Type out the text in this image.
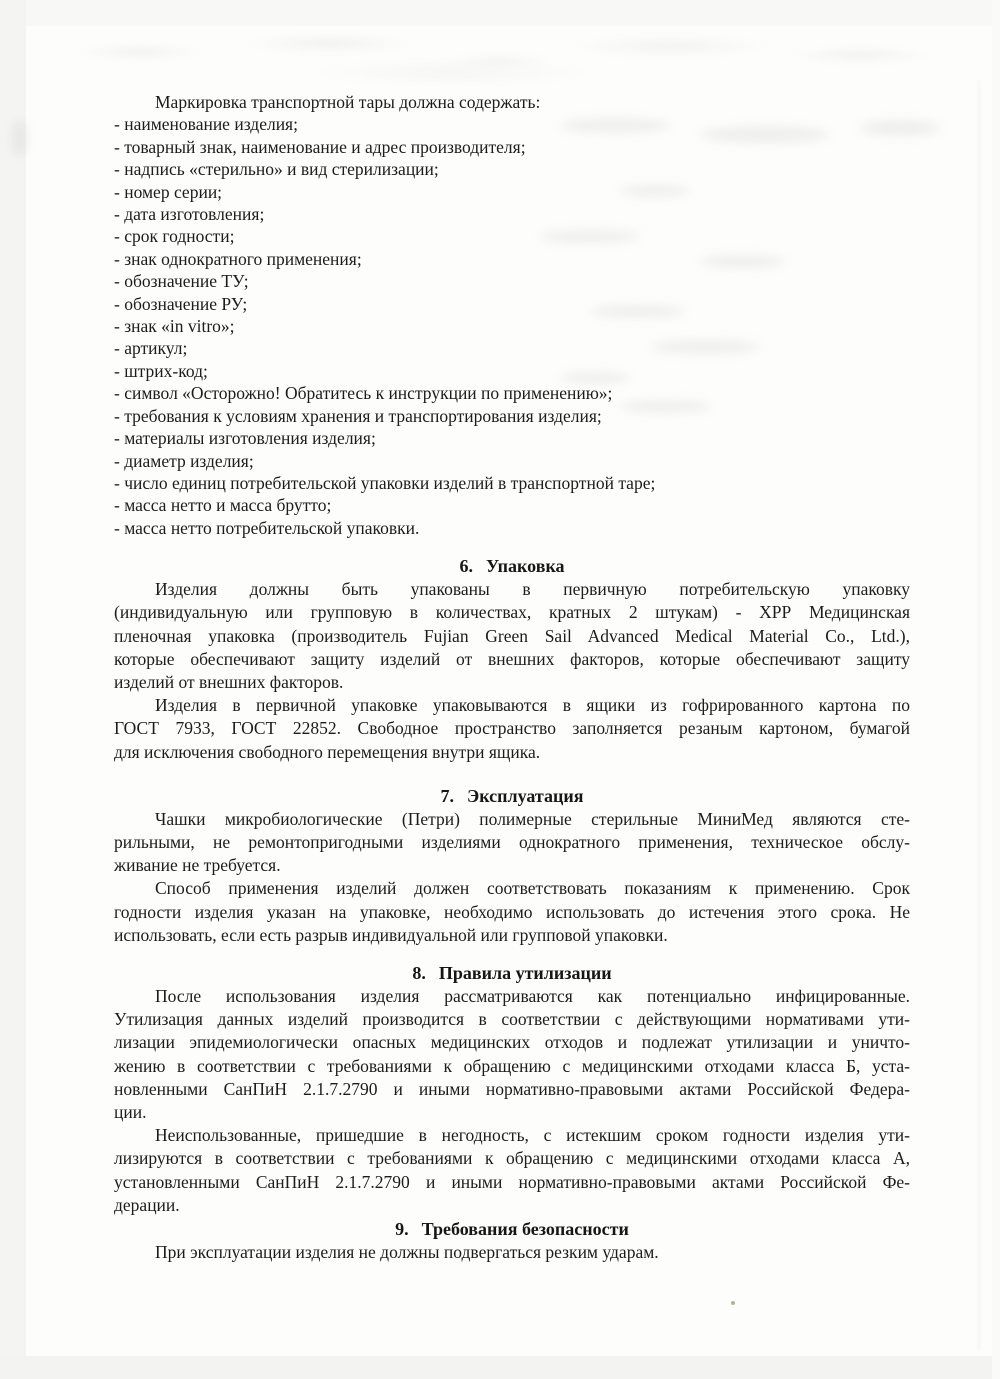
Маркировка транспортной тары должна содержать:
- наименование изделия;
- товарный знак, наименование и адрес производителя;
- надпись «стерильно» и вид стерилизации;
- номер серии;
- дата изготовления;
- срок годности;
- знак однократного применения;
- обозначение ТУ;
- обозначение РУ;
- знак «in vitro»;
- артикул;
- штрих-код;
- символ «Осторожно! Обратитесь к инструкции по применению»;
- требования к условиям хранения и транспортирования изделия;
- материалы изготовления изделия;
- диаметр изделия;
- число единиц потребительской упаковки изделий в транспортной таре;
- масса нетто и масса брутто;
- масса нетто потребительской упаковки.
6. Упаковка
Изделия должны быть упакованы в первичную потребительскую упаковку
(индивидуальную или групповую в количествах, кратных 2 штукам) - ХРР Медицинская
пленочная упаковка (производитель Fujian Green Sail Advanced Medical Material Co., Ltd.),
которые обеспечивают защиту изделий от внешних факторов, которые обеспечивают защиту
изделий от внешних факторов.
Изделия в первичной упаковке упаковываются в ящики из гофрированного картона по
ГОСТ 7933, ГОСТ 22852. Свободное пространство заполняется резаным картоном, бумагой
для исключения свободного перемещения внутри ящика.
7. Эксплуатация
Чашки микробиологические (Петри) полимерные стерильные МиниМед являются сте-
рильными, не ремонтопригодными изделиями однократного применения, техническое обслу-
живание не требуется.
Способ применения изделий должен соответствовать показаниям к применению. Срок
годности изделия указан на упаковке, необходимо использовать до истечения этого срока. Не
использовать, если есть разрыв индивидуальной или групповой упаковки.
8. Правила утилизации
После использования изделия рассматриваются как потенциально инфицированные.
Утилизация данных изделий производится в соответствии с действующими нормативами ути-
лизации эпидемиологически опасных медицинских отходов и подлежат утилизации и уничто-
жению в соответствии с требованиями к обращению с медицинскими отходами класса Б, уста-
новленными СанПиН 2.1.7.2790 и иными нормативно-правовыми актами Российской Федера-
ции.
Неиспользованные, пришедшие в негодность, с истекшим сроком годности изделия ути-
лизируются в соответствии с требованиями к обращению с медицинскими отходами класса А,
установленными СанПиН 2.1.7.2790 и иными нормативно-правовыми актами Российской Фе-
дерации.
9. Требования безопасности
При эксплуатации изделия не должны подвергаться резким ударам.
